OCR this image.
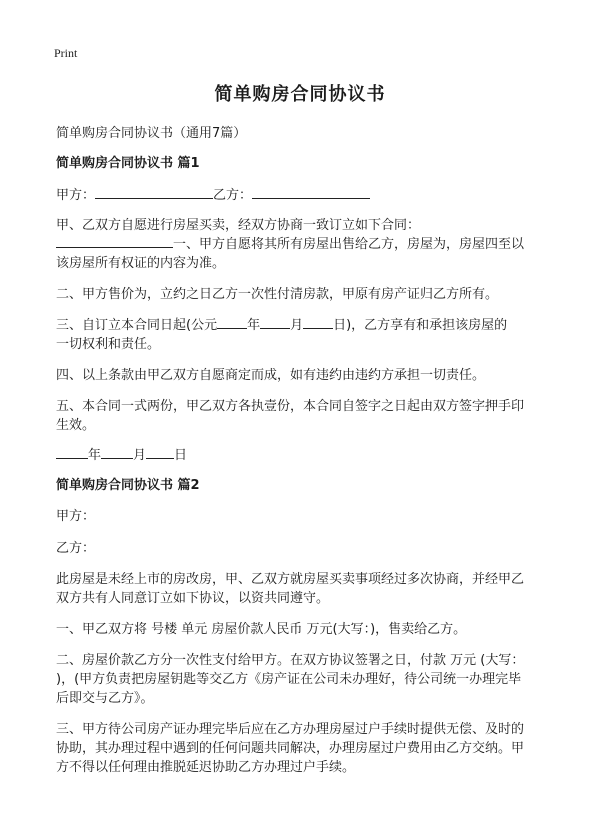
Print
简单购房合同协议书
简单购房合同协议书（通用7篇）
简单购房合同协议书 篇1
甲方：	乙方：
甲、乙双方自愿进行房屋买卖，经双方协商一致订立如下合同：
一、甲方自愿将其所有房屋出售给乙方，房屋为，房屋四至以
该房屋所有权证的内容为准。
二、甲方售价为，立约之日乙方一次性付清房款，甲原有房产证归乙方所有。
三、自订立本合同日起(公元 年 月 日)，乙方享有和承担该房屋的
一切权利和责任。
四、以上条款由甲乙双方自愿商定而成，如有违约由违约方承担一切责任。
五、本合同一式两份，甲乙双方各执壹份，本合同自签字之日起由双方签字押手印
生效。
年 月 日
简单购房合同协议书 篇2
甲方：
乙方：
此房屋是未经上市的房改房，甲、乙双方就房屋买卖事项经过多次协商，并经甲乙
双方共有人同意订立如下协议，以资共同遵守。
一、甲乙双方将 号楼 单元 房屋价款人民币 万元(大写：)，售卖给乙方。
二、房屋价款乙方分一次性支付给甲方。在双方协议签署之日，付款 万元 (大写：
)，(甲方负责把房屋钥匙等交乙方《房产证在公司未办理好，待公司统一办理完毕
后即交与乙方》。
三、甲方待公司房产证办理完毕后应在乙方办理房屋过户手续时提供无偿、及时的
协助，其办理过程中遇到的任何问题共同解决，办理房屋过户费用由乙方交纳。甲
方不得以任何理由推脱延迟协助乙方办理过户手续。
